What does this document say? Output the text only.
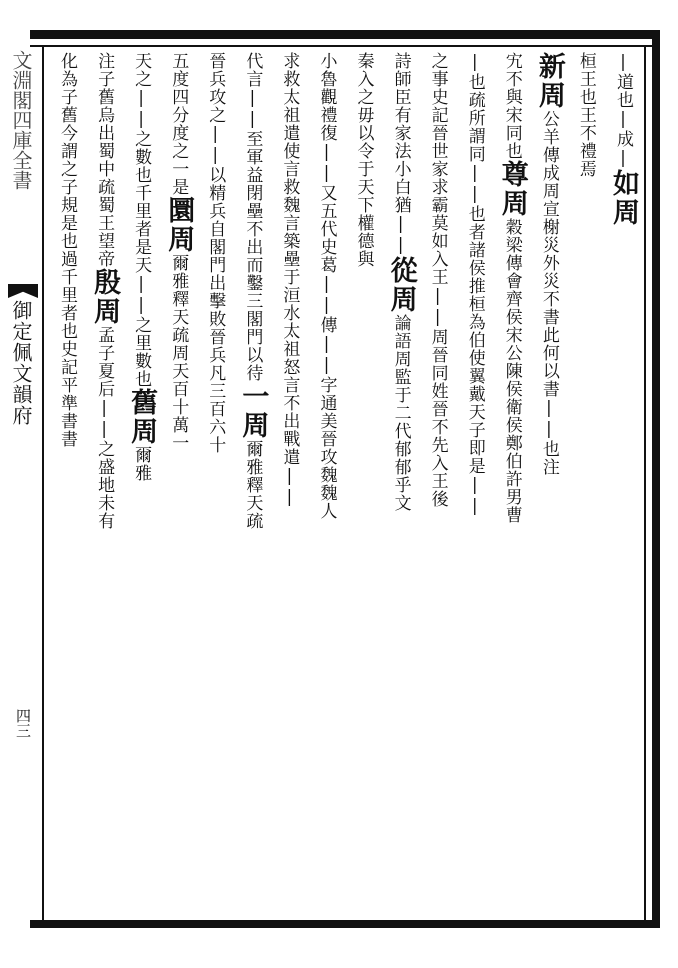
文淵閣四庫全書
御定佩文韻府
四三
|道也|成|如周
桓王也王不禮焉
新周公羊傳成周宣榭災外災不書此何以書||也注
宄不與宋同也尊周穀梁傳會齊侯宋公陳侯衛侯鄭伯許男曹
|也疏所謂同||也者諸侯推桓為伯使翼戴天子即是||
之事史記晉世家求霸莫如入王||周晉同姓晉不先入王後
詩師臣有家法小白猶||從周論語周監于二代郁郁乎文
秦入之毋以令于天下權德與
小魯觀禮復||又五代史葛||傳||字通美晉攻魏魏人
求救太祖遣使言救魏言築壘于洹水太祖怒言不出戰遣||
代言||至軍益閉壘不出而鑿三閣門以待一周爾雅釋天疏
晉兵攻之||以精兵自閣門出擊敗晉兵凡三百六十
五度四分度之一是圜周爾雅釋天疏周天百十萬一
天之||之數也千里者是天||之里數也舊周爾雅
注子舊烏出蜀中疏蜀王望帝殷周孟子夏后||之盛地未有
化為子舊今謂之子規是也過千里者也史記平準書書
